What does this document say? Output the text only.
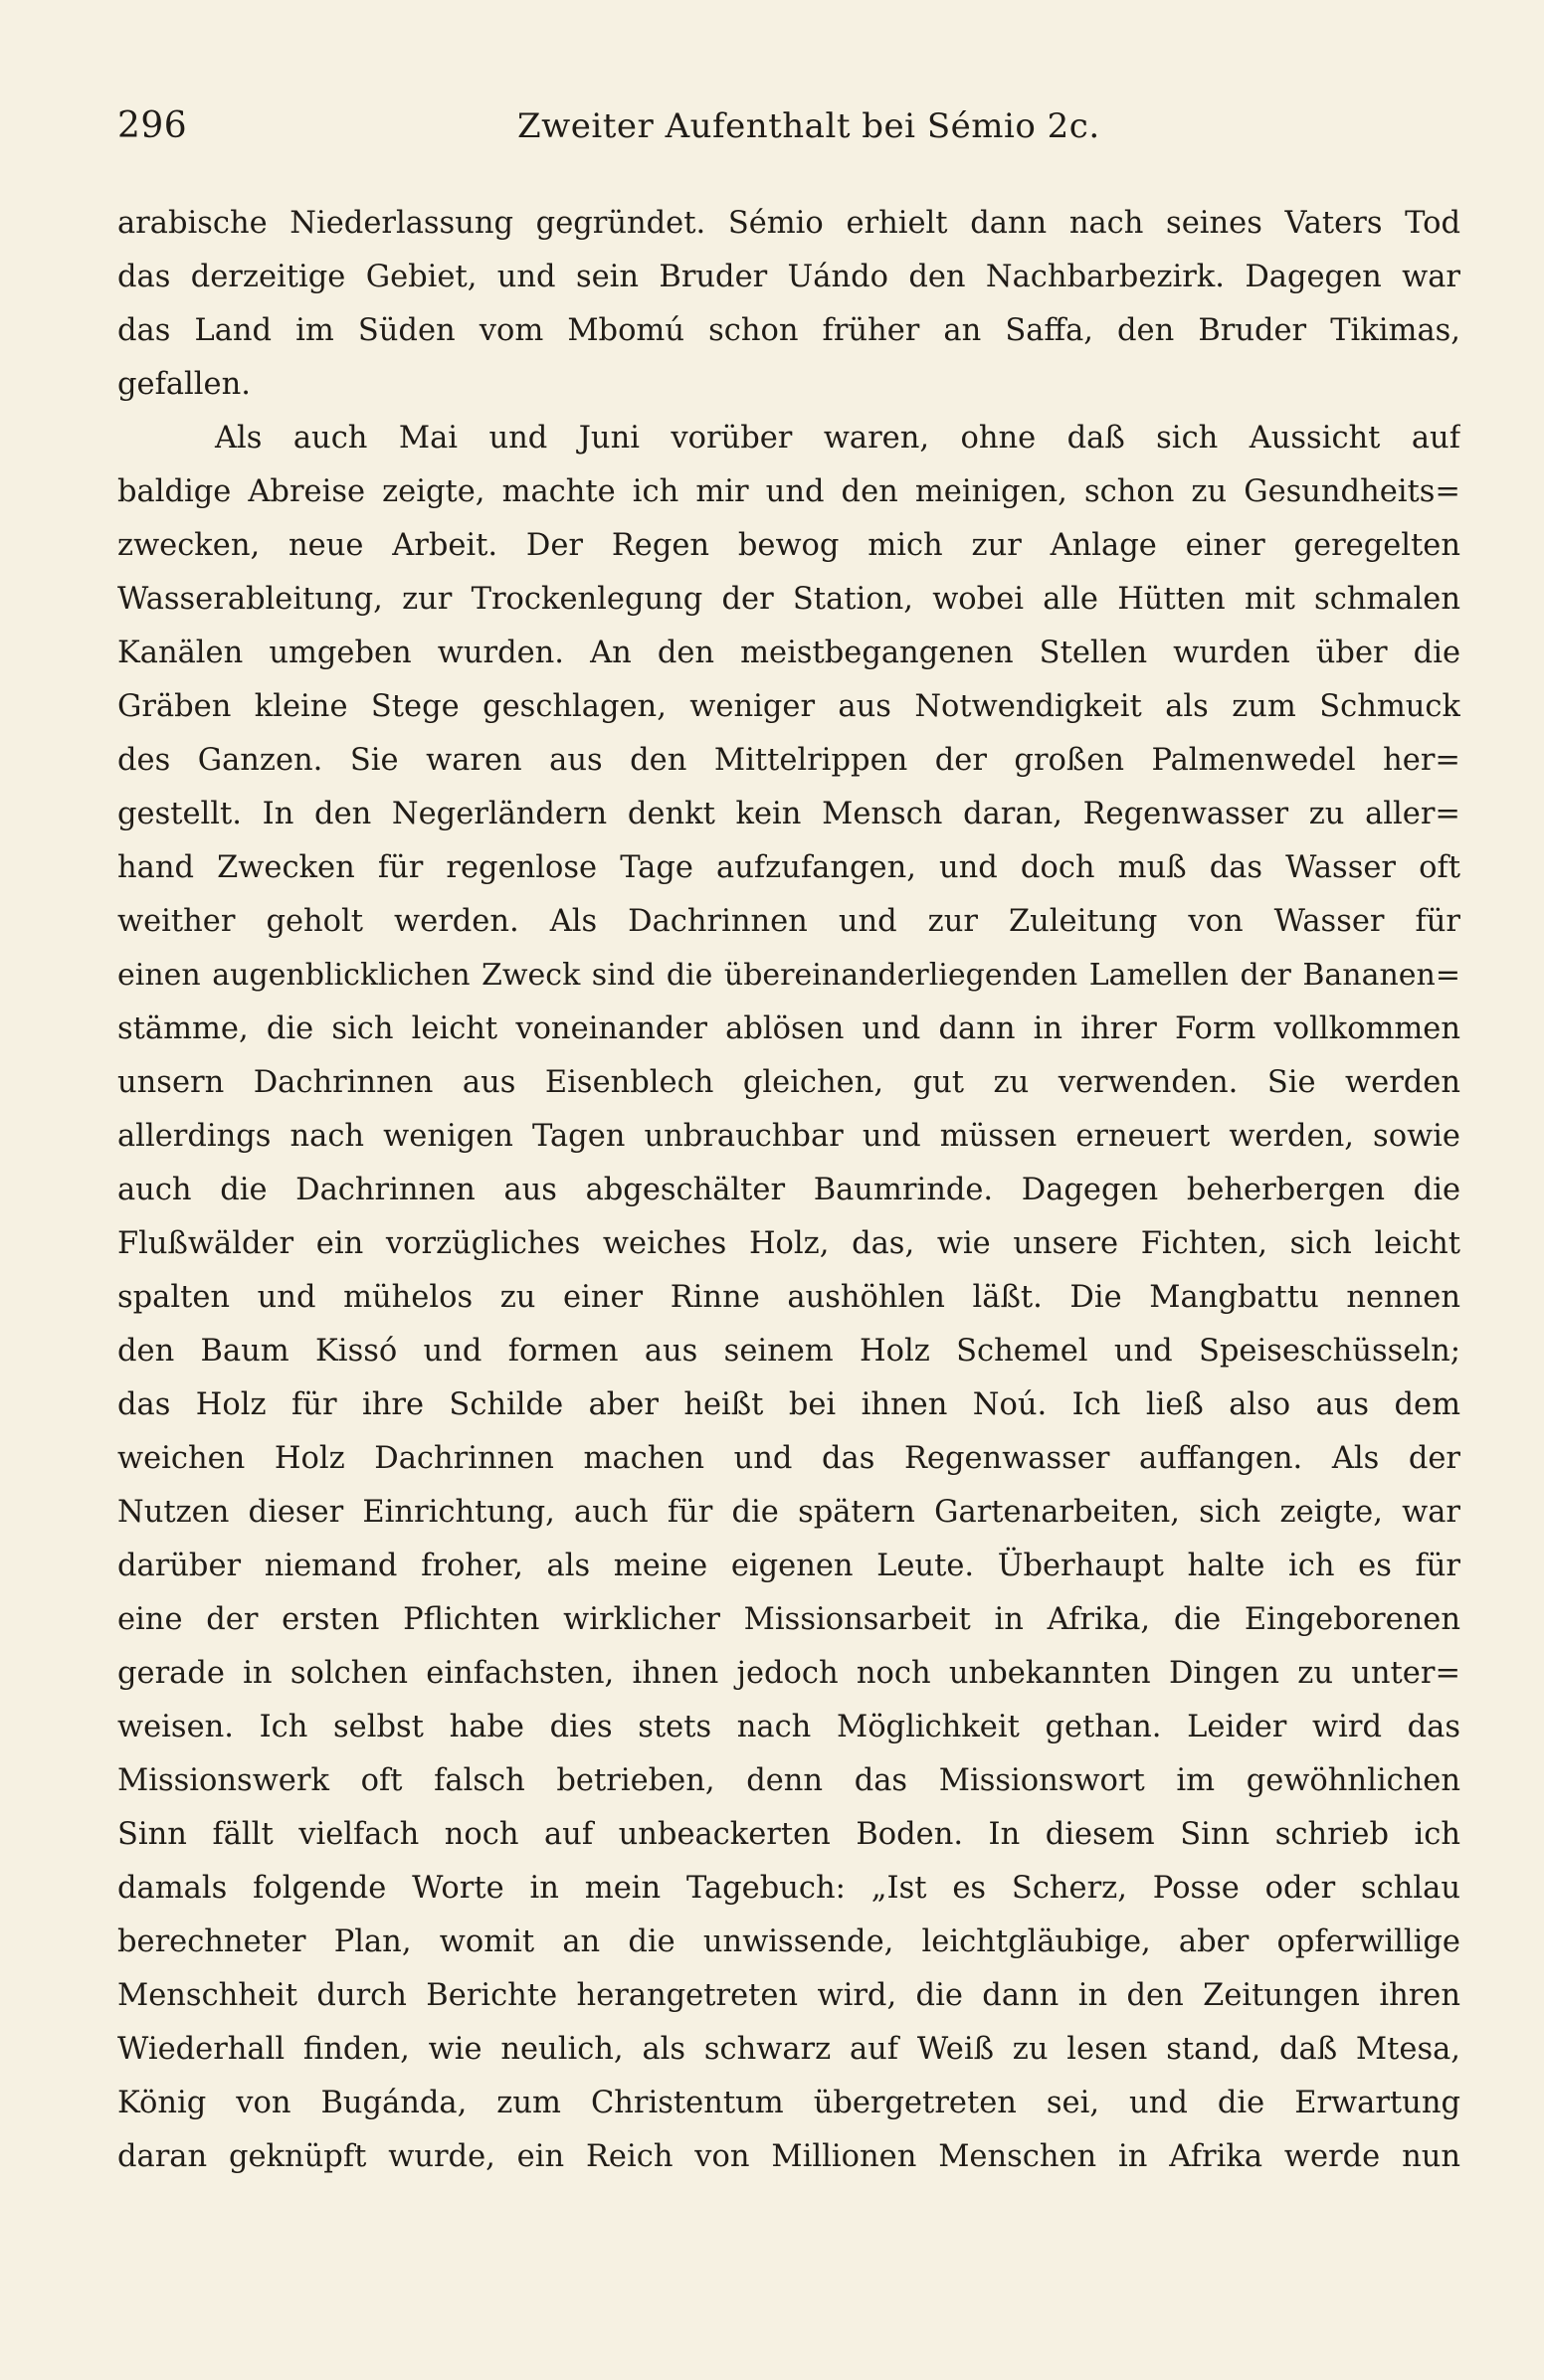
296	Zweiter Aufenthalt bei Sémio 2c.
arabische Niederlassung gegründet. Sémio erhielt dann nach seines Vaters Tod
das derzeitige Gebiet, und sein Bruder Uándo den Nachbarbezirk. Dagegen war
das Land im Süden vom Mbomú schon früher an Saffa, den Bruder Tikimas,
gefallen.
Als auch Mai und Juni vorüber waren, ohne daß sich Aussicht auf
baldige Abreise zeigte, machte ich mir und den meinigen, schon zu Gesundheits=
zwecken, neue Arbeit. Der Regen bewog mich zur Anlage einer geregelten
Wasserableitung, zur Trockenlegung der Station, wobei alle Hütten mit schmalen
Kanälen umgeben wurden. An den meistbegangenen Stellen wurden über die
Gräben kleine Stege geschlagen, weniger aus Notwendigkeit als zum Schmuck
des Ganzen. Sie waren aus den Mittelrippen der großen Palmenwedel her=
gestellt. In den Negerländern denkt kein Mensch daran, Regenwasser zu aller=
hand Zwecken für regenlose Tage aufzufangen, und doch muß das Wasser oft
weither geholt werden. Als Dachrinnen und zur Zuleitung von Wasser für
einen augenblicklichen Zweck sind die übereinanderliegenden Lamellen der Bananen=
stämme, die sich leicht voneinander ablösen und dann in ihrer Form vollkommen
unsern Dachrinnen aus Eisenblech gleichen, gut zu verwenden. Sie werden
allerdings nach wenigen Tagen unbrauchbar und müssen erneuert werden, sowie
auch die Dachrinnen aus abgeschälter Baumrinde. Dagegen beherbergen die
Flußwälder ein vorzügliches weiches Holz, das, wie unsere Fichten, sich leicht
spalten und mühelos zu einer Rinne aushöhlen läßt. Die Mangbattu nennen
den Baum Kissó und formen aus seinem Holz Schemel und Speiseschüsseln;
das Holz für ihre Schilde aber heißt bei ihnen Noú. Ich ließ also aus dem
weichen Holz Dachrinnen machen und das Regenwasser auffangen. Als der
Nutzen dieser Einrichtung, auch für die spätern Gartenarbeiten, sich zeigte, war
darüber niemand froher, als meine eigenen Leute. Überhaupt halte ich es für
eine der ersten Pflichten wirklicher Missionsarbeit in Afrika, die Eingeborenen
gerade in solchen einfachsten, ihnen jedoch noch unbekannten Dingen zu unter=
weisen. Ich selbst habe dies stets nach Möglichkeit gethan. Leider wird das
Missionswerk oft falsch betrieben, denn das Missionswort im gewöhnlichen
Sinn fällt vielfach noch auf unbeackerten Boden. In diesem Sinn schrieb ich
damals folgende Worte in mein Tagebuch: „Ist es Scherz, Posse oder schlau
berechneter Plan, womit an die unwissende, leichtgläubige, aber opferwillige
Menschheit durch Berichte herangetreten wird, die dann in den Zeitungen ihren
Wiederhall finden, wie neulich, als schwarz auf Weiß zu lesen stand, daß Mtesa,
König von Bugánda, zum Christentum übergetreten sei, und die Erwartung
daran geknüpft wurde, ein Reich von Millionen Menschen in Afrika werde nun
